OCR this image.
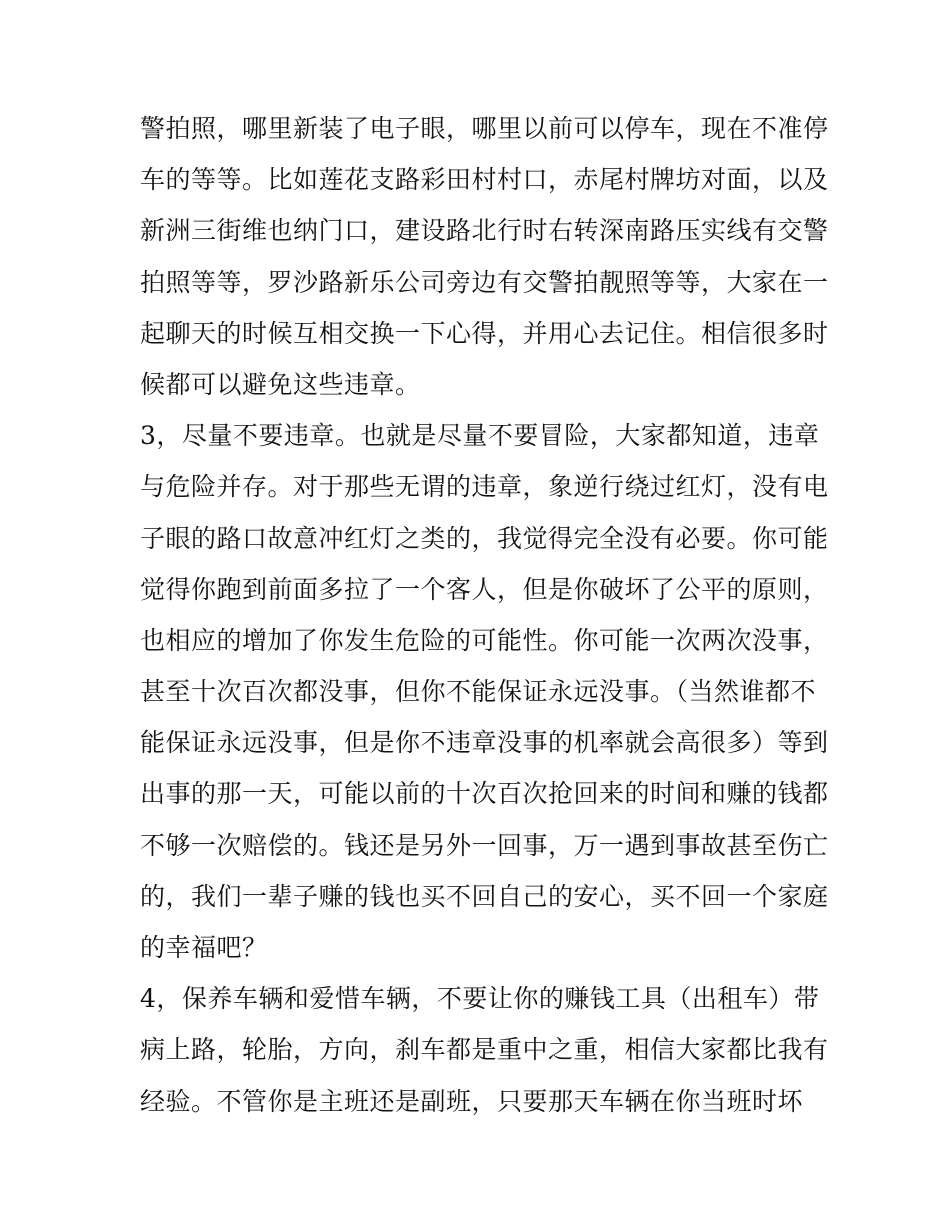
警拍照，哪里新装了电子眼，哪里以前可以停车，现在不准停
车的等等。比如莲花支路彩田村村口，赤尾村牌坊对面，以及
新洲三街维也纳门口，建设路北行时右转深南路压实线有交警
拍照等等，罗沙路新乐公司旁边有交警拍靓照等等，大家在一
起聊天的时候互相交换一下心得，并用心去记住。相信很多时
候都可以避免这些违章。
3，尽量不要违章。也就是尽量不要冒险，大家都知道，违章
与危险并存。对于那些无谓的违章，象逆行绕过红灯，没有电
子眼的路口故意冲红灯之类的，我觉得完全没有必要。你可能
觉得你跑到前面多拉了一个客人，但是你破坏了公平的原则，
也相应的增加了你发生危险的可能性。你可能一次两次没事，
甚至十次百次都没事，但你不能保证永远没事。（当然谁都不
能保证永远没事，但是你不违章没事的机率就会高很多）等到
出事的那一天，可能以前的十次百次抢回来的时间和赚的钱都
不够一次赔偿的。钱还是另外一回事，万一遇到事故甚至伤亡
的，我们一辈子赚的钱也买不回自己的安心，买不回一个家庭
的幸福吧？
4，保养车辆和爱惜车辆，不要让你的赚钱工具（出租车）带
病上路，轮胎，方向，刹车都是重中之重，相信大家都比我有
经验。不管你是主班还是副班，只要那天车辆在你当班时坏
